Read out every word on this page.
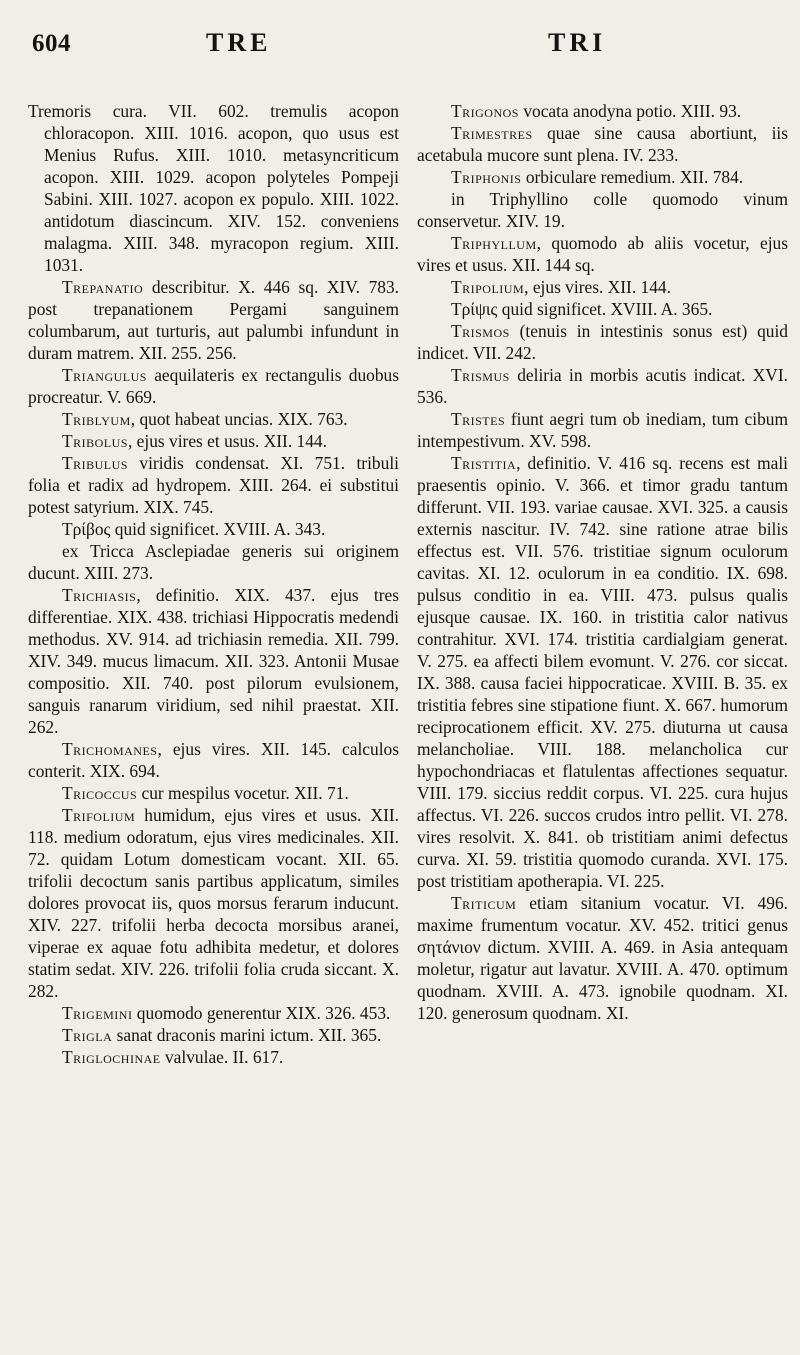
604	TRE	TRI

Tremoris cura. VII. 602. tremulis acopon chloracopon. XIII. 1016. acopon, quo usus est Menius Rufus. XIII. 1010. metasyncriticum acopon. XIII. 1029. acopon polyteles Pompeji Sabini. XIII. 1027. acopon ex populo. XIII. 1022. antidotum diascincum. XIV. 152. conveniens malagma. XIII. 348. myracopon regium. XIII. 1031.

Trepanatio describitur. X. 446 sq. XIV. 783. post trepanationem Pergami sanguinem columbarum, aut turturis, aut palumbi infundunt in duram matrem. XII. 255. 256.

Triangulus aequilateris ex rectangulis duobus procreatur. V. 669.

Triblyum, quot habeat uncias. XIX. 763.

Tribolus, ejus vires et usus. XII. 144.

Tribulus viridis condensat. XI. 751. tribuli folia et radix ad hydropem. XIII. 264. ei substitui potest satyrium. XIX. 745.

Τρίβος quid significet. XVIII. A. 343.

ex Tricca Asclepiadae generis sui originem ducunt. XIII. 273.

Trichiasis, definitio. XIX. 437. ejus tres differentiae. XIX. 438. trichiasi Hippocratis medendi methodus. XV. 914. ad trichiasin remedia. XII. 799. XIV. 349. mucus limacum. XII. 323. Antonii Musae compositio. XII. 740. post pilorum evulsionem, sanguis ranarum viridium, sed nihil praestat. XII. 262.

Trichomanes, ejus vires. XII. 145. calculos conterit. XIX. 694.

Tricoccus cur mespilus vocetur. XII. 71.

Trifolium humidum, ejus vires et usus. XII. 118. medium odoratum, ejus vires medicinales. XII. 72. quidam Lotum domesticam vocant. XII. 65. trifolii decoctum sanis partibus applicatum, similes dolores provocat iis, quos morsus ferarum inducunt. XIV. 227. trifolii herba decocta morsibus aranei, viperae ex aquae fotu adhibita medetur, et dolores statim sedat. XIV. 226. trifolii folia cruda siccant. X. 282.

Trigemini quomodo generentur XIX. 326. 453.

Trigla sanat draconis marini ictum. XII. 365.

Triglochinae valvulae. II. 617.

Trigonos vocata anodyna potio. XIII. 93.

Trimestres quae sine causa abortiunt, iis acetabula mucore sunt plena. IV. 233.

Triphonis orbiculare remedium. XII. 784.

in Triphyllino colle quomodo vinum conservetur. XIV. 19.

Triphyllum, quomodo ab aliis vocetur, ejus vires et usus. XII. 144 sq.

Tripolium, ejus vires. XII. 144.

Τρίψις quid significet. XVIII. A. 365.

Trismos (tenuis in intestinis sonus est) quid indicet. VII. 242.

Trismus deliria in morbis acutis indicat. XVI. 536.

Tristes fiunt aegri tum ob inediam, tum cibum intempestivum. XV. 598.

Tristitia, definitio. V. 416 sq. recens est mali praesentis opinio. V. 366. et timor gradu tantum differunt. VII. 193. variae causae. XVI. 325. a causis externis nascitur. IV. 742. sine ratione atrae bilis effectus est. VII. 576. tristitiae signum oculorum cavitas. XI. 12. oculorum in ea conditio. IX. 698. pulsus conditio in ea. VIII. 473. pulsus qualis ejusque causae. IX. 160. in tristitia calor nativus contrahitur. XVI. 174. tristitia cardialgiam generat. V. 275. ea affecti bilem evomunt. V. 276. cor siccat. IX. 388. causa faciei hippocraticae. XVIII. B. 35. ex tristitia febres sine stipatione fiunt. X. 667. humorum reciprocationem efficit. XV. 275. diuturna ut causa melancholiae. VIII. 188. melancholica cur hypochondriacas et flatulentas affectiones sequatur. VIII. 179. siccius reddit corpus. VI. 225. cura hujus affectus. VI. 226. succos crudos intro pellit. VI. 278. vires resolvit. X. 841. ob tristitiam animi defectus curva. XI. 59. tristitia quomodo curanda. XVI. 175. post tristitiam apotherapia. VI. 225.

Triticum etiam sitanium vocatur. VI. 496. maxime frumentum vocatur. XV. 452. tritici genus σητάνιον dictum. XVIII. A. 469. in Asia antequam moletur, rigatur aut lavatur. XVIII. A. 470. optimum quodnam. XVIII. A. 473. ignobile quodnam. XI. 120. generosum quodnam. XI.
